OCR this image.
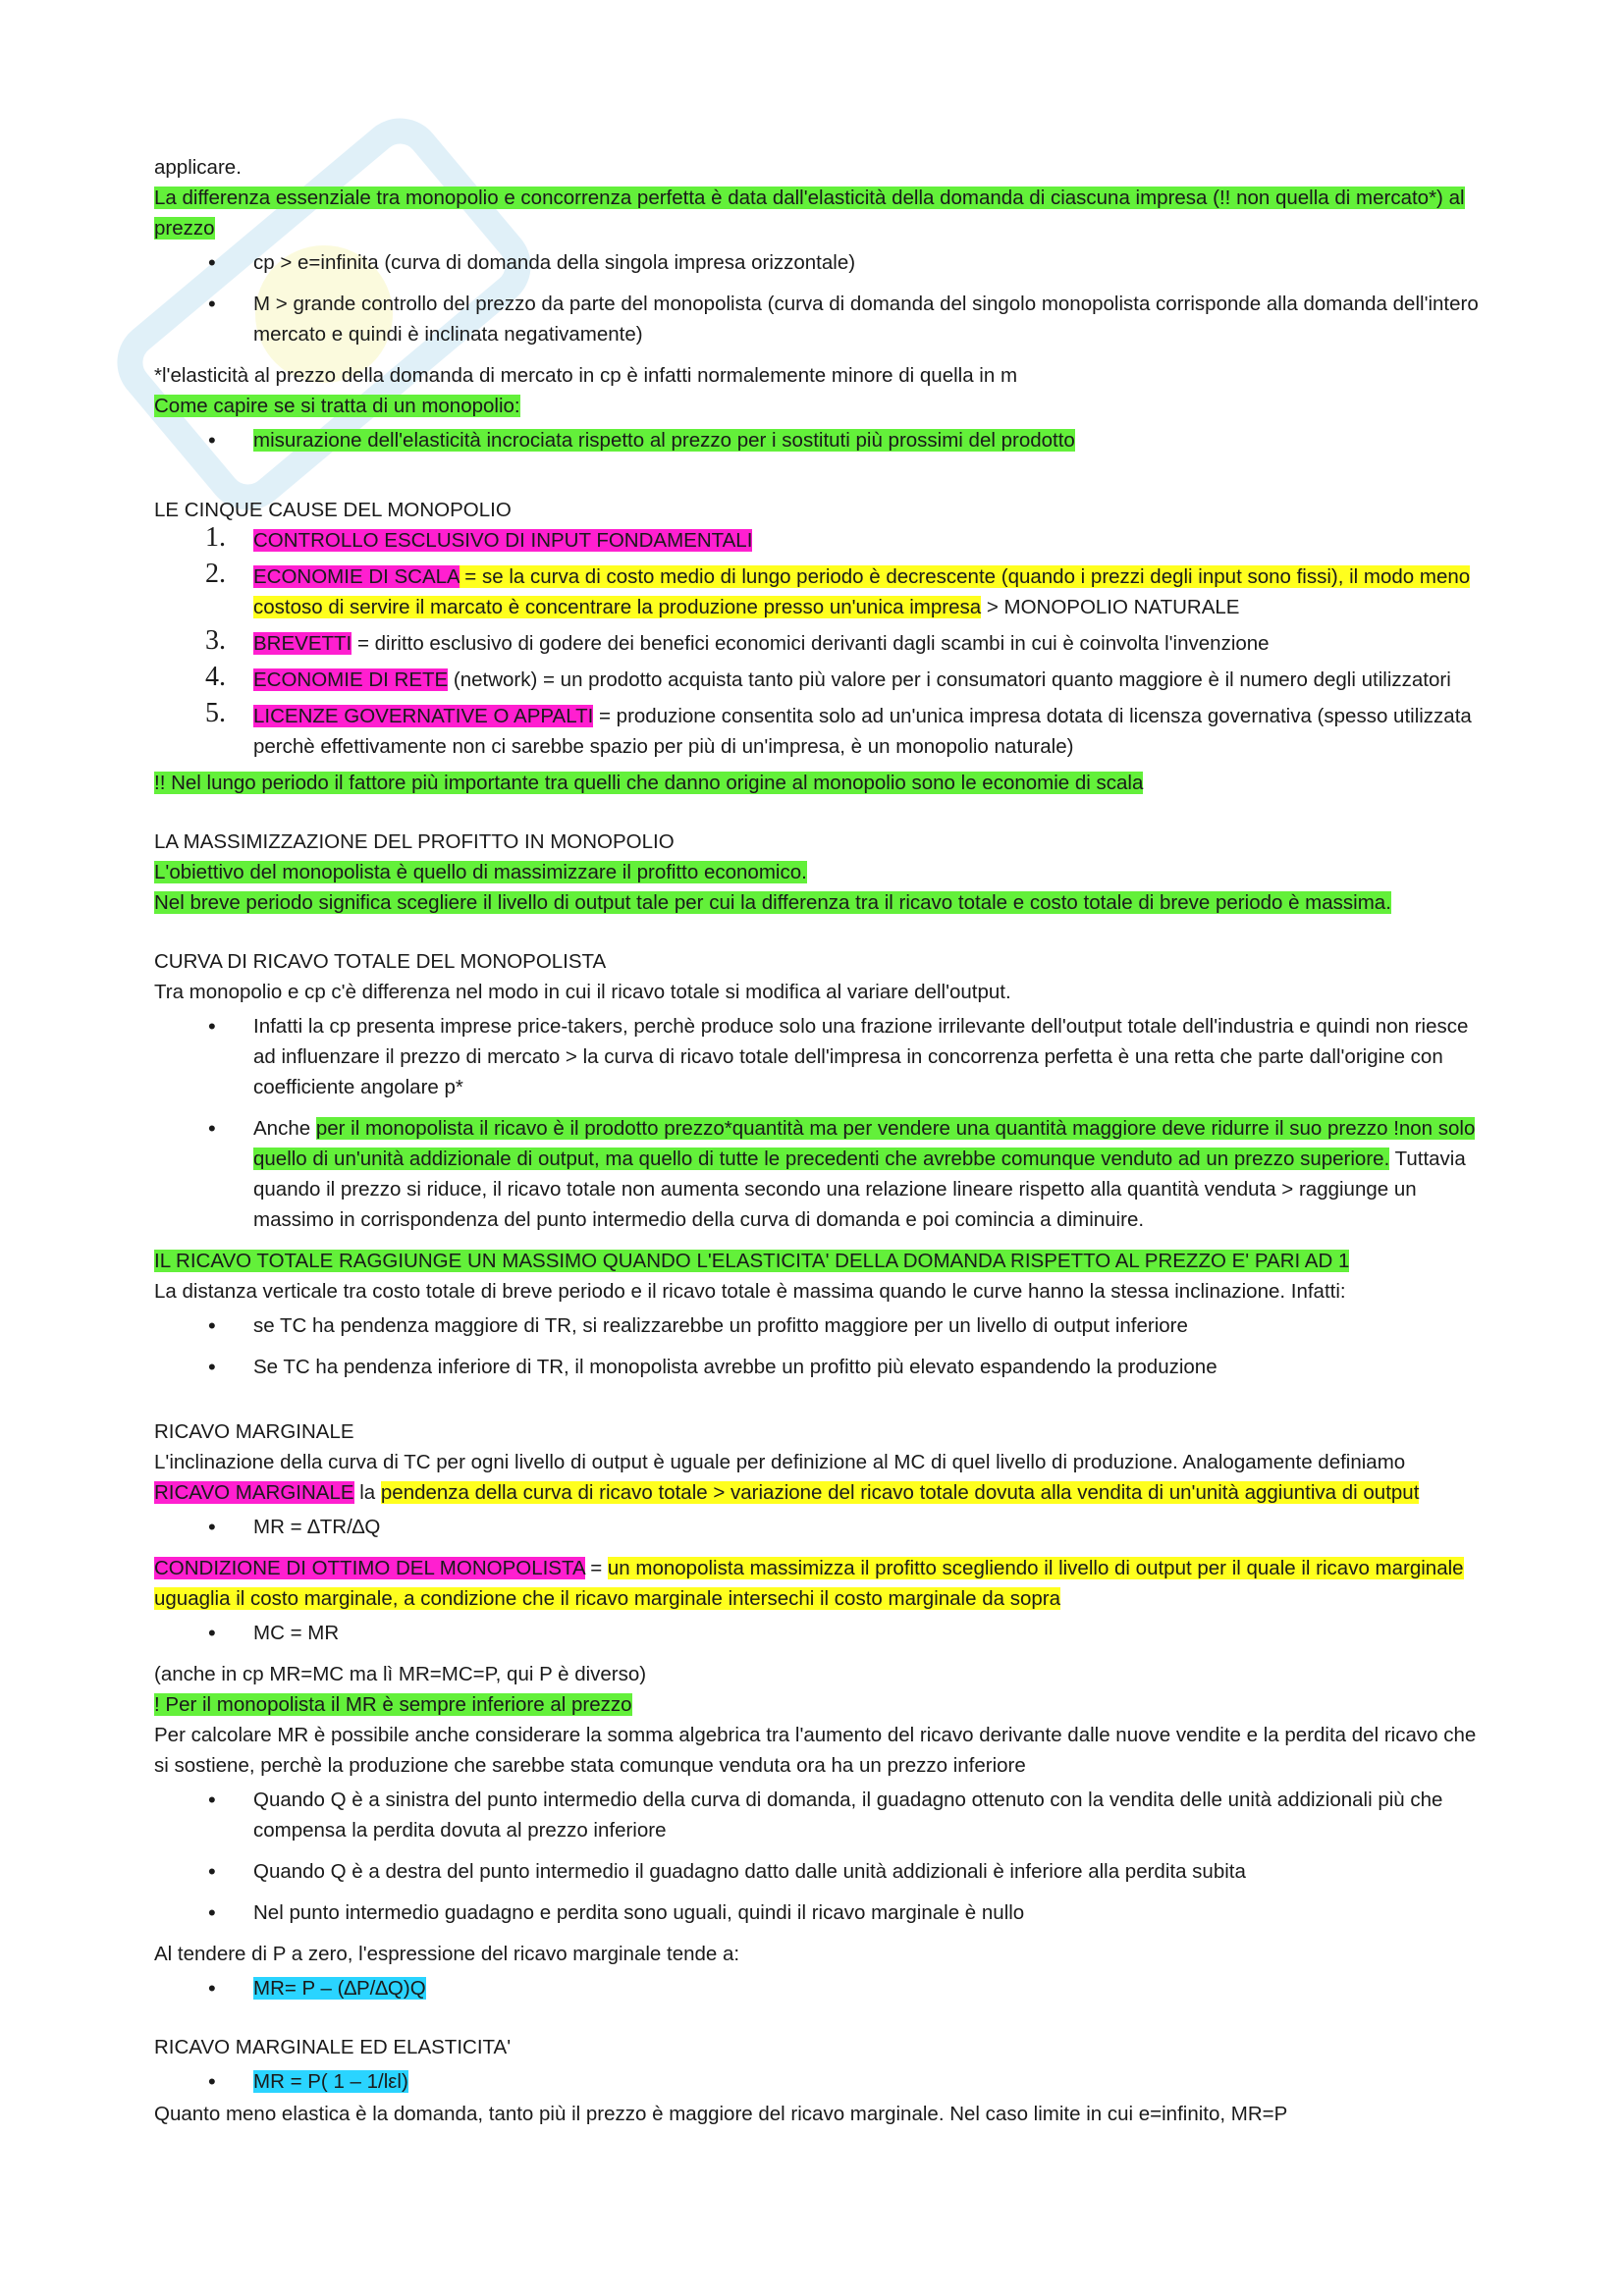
applicare.

La differenza essenziale tra monopolio e concorrenza perfetta è data dall'elasticità della domanda di ciascuna impresa (!! non quella di mercato*) al prezzo

• cp > e=infinita (curva di domanda della singola impresa orizzontale)
• M > grande controllo del prezzo da parte del monopolista (curva di domanda del singolo monopolista corrisponde alla domanda dell'intero mercato e quindi è inclinata negativamente)

*l'elasticità al prezzo della domanda di mercato in cp è infatti normalemente minore di quella in m

Come capire se si tratta di un monopolio:

• misurazione dell'elasticità incrociata rispetto al prezzo per i sostituti più prossimi del prodotto

LE CINQUE CAUSE DEL MONOPOLIO

1. CONTROLLO ESCLUSIVO DI INPUT FONDAMENTALI
2. ECONOMIE DI SCALA = se la curva di costo medio di lungo periodo è decrescente (quando i prezzi degli input sono fissi), il modo meno costoso di servire il marcato è concentrare la produzione presso un'unica impresa > MONOPOLIO NATURALE
3. BREVETTI = diritto esclusivo di godere dei benefici economici derivanti dagli scambi in cui è coinvolta l'invenzione
4. ECONOMIE DI RETE (network) = un prodotto acquista tanto più valore per i consumatori quanto maggiore è il numero degli utilizzatori
5. LICENZE GOVERNATIVE O APPALTI = produzione consentita solo ad un'unica impresa dotata di licensza governativa (spesso utilizzata perchè effettivamente non ci sarebbe spazio per più di un'impresa, è un monopolio naturale)

!! Nel lungo periodo il fattore più importante tra quelli che danno origine al monopolio sono le economie di scala

LA MASSIMIZZAZIONE DEL PROFITTO IN MONOPOLIO

L'obiettivo del monopolista è quello di massimizzare il profitto economico.

Nel breve periodo significa scegliere il livello di output tale per cui la differenza tra il ricavo totale e costo totale di breve periodo è massima.

CURVA DI RICAVO TOTALE DEL MONOPOLISTA

Tra monopolio e cp c'è differenza nel modo in cui il ricavo totale si modifica al variare dell'output.

• Infatti la cp presenta imprese price-takers, perchè produce solo una frazione irrilevante dell'output totale dell'industria e quindi non riesce ad influenzare il prezzo di mercato > la curva di ricavo totale dell'impresa in concorrenza perfetta è una retta che parte dall'origine con coefficiente angolare p*
• Anche per il monopolista il ricavo è il prodotto prezzo*quantità ma per vendere una quantità maggiore deve ridurre il suo prezzo !non solo quello di un'unità addizionale di output, ma quello di tutte le precedenti che avrebbe comunque venduto ad un prezzo superiore. Tuttavia quando il prezzo si riduce, il ricavo totale non aumenta secondo una relazione lineare rispetto alla quantità venduta > raggiunge un massimo in corrispondenza del punto intermedio della curva di domanda e poi comincia a diminuire.

IL RICAVO TOTALE RAGGIUNGE UN MASSIMO QUANDO L'ELASTICITA' DELLA DOMANDA RISPETTO AL PREZZO E' PARI AD 1

La distanza verticale tra costo totale di breve periodo e il ricavo totale è massima quando le curve hanno la stessa inclinazione. Infatti:

• se TC ha pendenza maggiore di TR, si realizzarebbe un profitto maggiore per un livello di output inferiore
• Se TC ha pendenza inferiore di TR, il monopolista avrebbe un profitto più elevato espandendo la produzione

RICAVO MARGINALE

L'inclinazione della curva di TC per ogni livello di output è uguale per definizione al MC di quel livello di produzione. Analogamente definiamo

RICAVO MARGINALE la pendenza della curva di ricavo totale > variazione del ricavo totale dovuta alla vendita di un'unità aggiuntiva di output

• MR = ∆TR/∆Q

CONDIZIONE DI OTTIMO DEL MONOPOLISTA = un monopolista massimizza il profitto scegliendo il livello di output per il quale il ricavo marginale uguaglia il costo marginale, a condizione che il ricavo marginale intersechi il costo marginale da sopra

• MC = MR

(anche in cp MR=MC ma lì MR=MC=P, qui P è diverso)

! Per il monopolista il MR è sempre inferiore al prezzo

Per calcolare MR è possibile anche considerare la somma algebrica tra l'aumento del ricavo derivante dalle nuove vendite e la perdita del ricavo che si sostiene, perchè la produzione che sarebbe stata comunque venduta ora ha un prezzo inferiore

• Quando Q è a sinistra del punto intermedio della curva di domanda, il guadagno ottenuto con la vendita delle unità addizionali più che compensa la perdita dovuta al prezzo inferiore
• Quando Q è a destra del punto intermedio il guadagno datto dalle unità addizionali è inferiore alla perdita subita
• Nel punto intermedio guadagno e perdita sono uguali, quindi il ricavo marginale è nullo

Al tendere di P a zero, l'espressione del ricavo marginale tende a:

• MR= P – (∆P/∆Q)Q

RICAVO MARGINALE ED ELASTICITA'

• MR = P( 1 – 1/lεl)

Quanto meno elastica è la domanda, tanto più il prezzo è maggiore del ricavo marginale. Nel caso limite in cui e=infinito, MR=P
